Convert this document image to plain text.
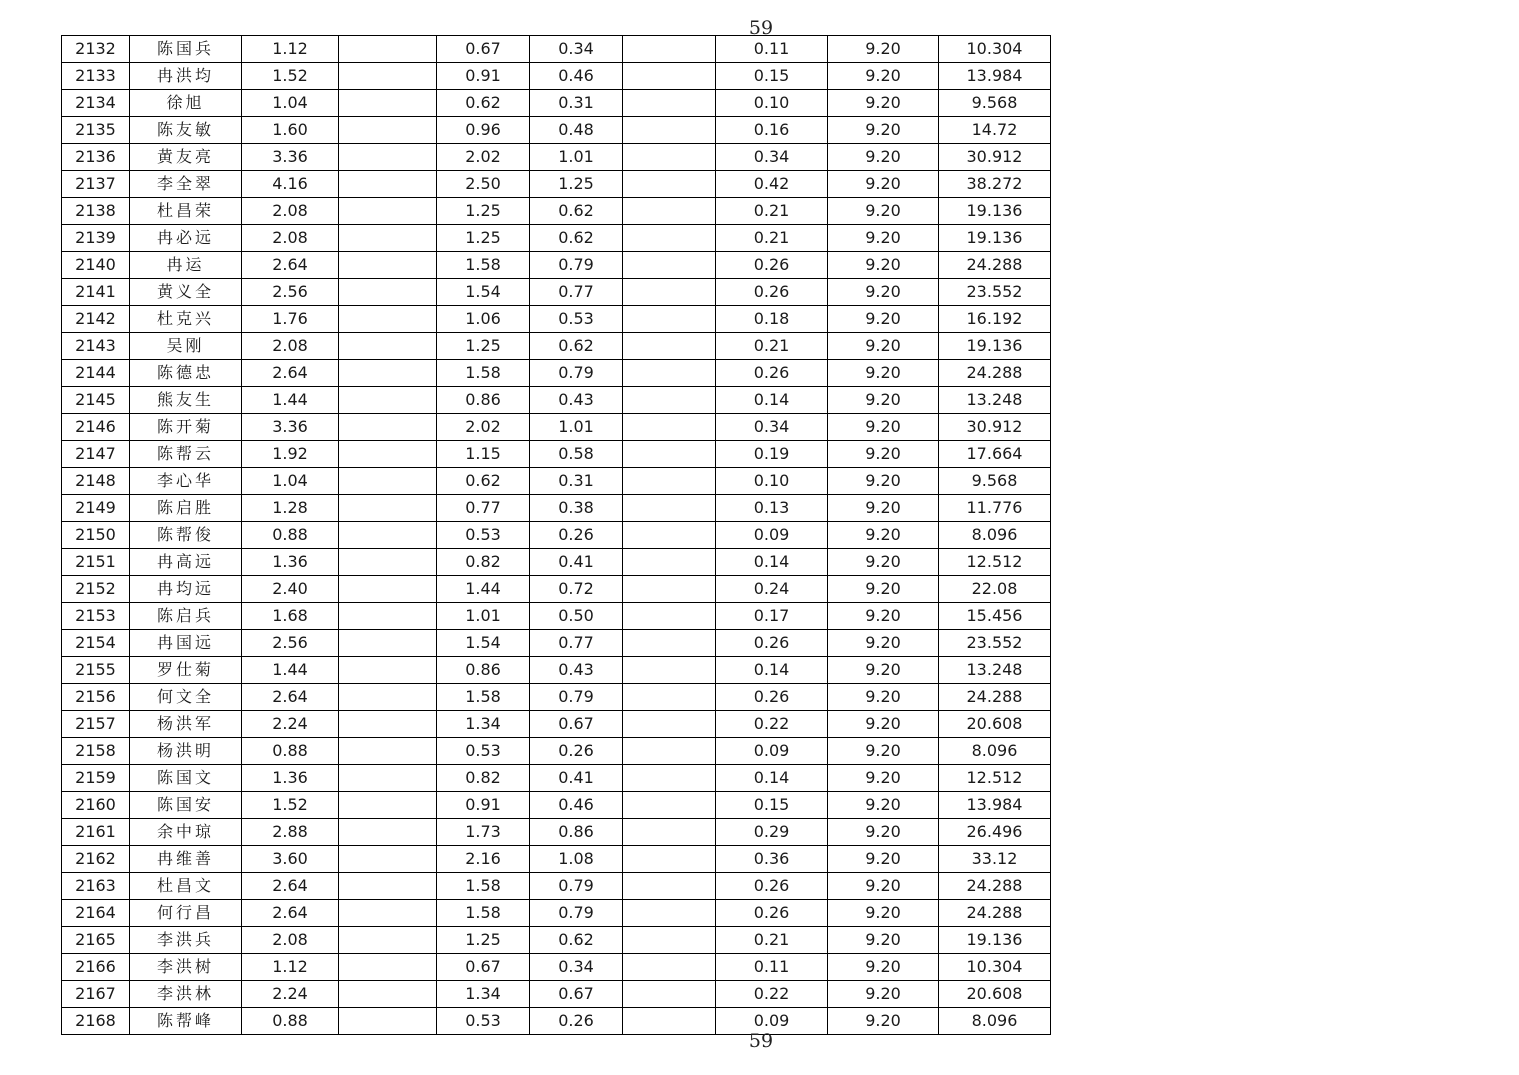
59
2132	陈国兵	1.12		0.67	0.34		0.11	9.20	10.304
2133	冉洪均	1.52		0.91	0.46		0.15	9.20	13.984
2134	徐旭	1.04		0.62	0.31		0.10	9.20	9.568
2135	陈友敏	1.60		0.96	0.48		0.16	9.20	14.72
2136	黄友亮	3.36		2.02	1.01		0.34	9.20	30.912
2137	李全翠	4.16		2.50	1.25		0.42	9.20	38.272
2138	杜昌荣	2.08		1.25	0.62		0.21	9.20	19.136
2139	冉必远	2.08		1.25	0.62		0.21	9.20	19.136
2140	冉运	2.64		1.58	0.79		0.26	9.20	24.288
2141	黄义全	2.56		1.54	0.77		0.26	9.20	23.552
2142	杜克兴	1.76		1.06	0.53		0.18	9.20	16.192
2143	吴刚	2.08		1.25	0.62		0.21	9.20	19.136
2144	陈德忠	2.64		1.58	0.79		0.26	9.20	24.288
2145	熊友生	1.44		0.86	0.43		0.14	9.20	13.248
2146	陈开菊	3.36		2.02	1.01		0.34	9.20	30.912
2147	陈帮云	1.92		1.15	0.58		0.19	9.20	17.664
2148	李心华	1.04		0.62	0.31		0.10	9.20	9.568
2149	陈启胜	1.28		0.77	0.38		0.13	9.20	11.776
2150	陈帮俊	0.88		0.53	0.26		0.09	9.20	8.096
2151	冉高远	1.36		0.82	0.41		0.14	9.20	12.512
2152	冉均远	2.40		1.44	0.72		0.24	9.20	22.08
2153	陈启兵	1.68		1.01	0.50		0.17	9.20	15.456
2154	冉国远	2.56		1.54	0.77		0.26	9.20	23.552
2155	罗仕菊	1.44		0.86	0.43		0.14	9.20	13.248
2156	何文全	2.64		1.58	0.79		0.26	9.20	24.288
2157	杨洪军	2.24		1.34	0.67		0.22	9.20	20.608
2158	杨洪明	0.88		0.53	0.26		0.09	9.20	8.096
2159	陈国文	1.36		0.82	0.41		0.14	9.20	12.512
2160	陈国安	1.52		0.91	0.46		0.15	9.20	13.984
2161	余中琼	2.88		1.73	0.86		0.29	9.20	26.496
2162	冉维善	3.60		2.16	1.08		0.36	9.20	33.12
2163	杜昌文	2.64		1.58	0.79		0.26	9.20	24.288
2164	何行昌	2.64		1.58	0.79		0.26	9.20	24.288
2165	李洪兵	2.08		1.25	0.62		0.21	9.20	19.136
2166	李洪树	1.12		0.67	0.34		0.11	9.20	10.304
2167	李洪林	2.24		1.34	0.67		0.22	9.20	20.608
2168	陈帮峰	0.88		0.53	0.26		0.09	9.20	8.096
59
